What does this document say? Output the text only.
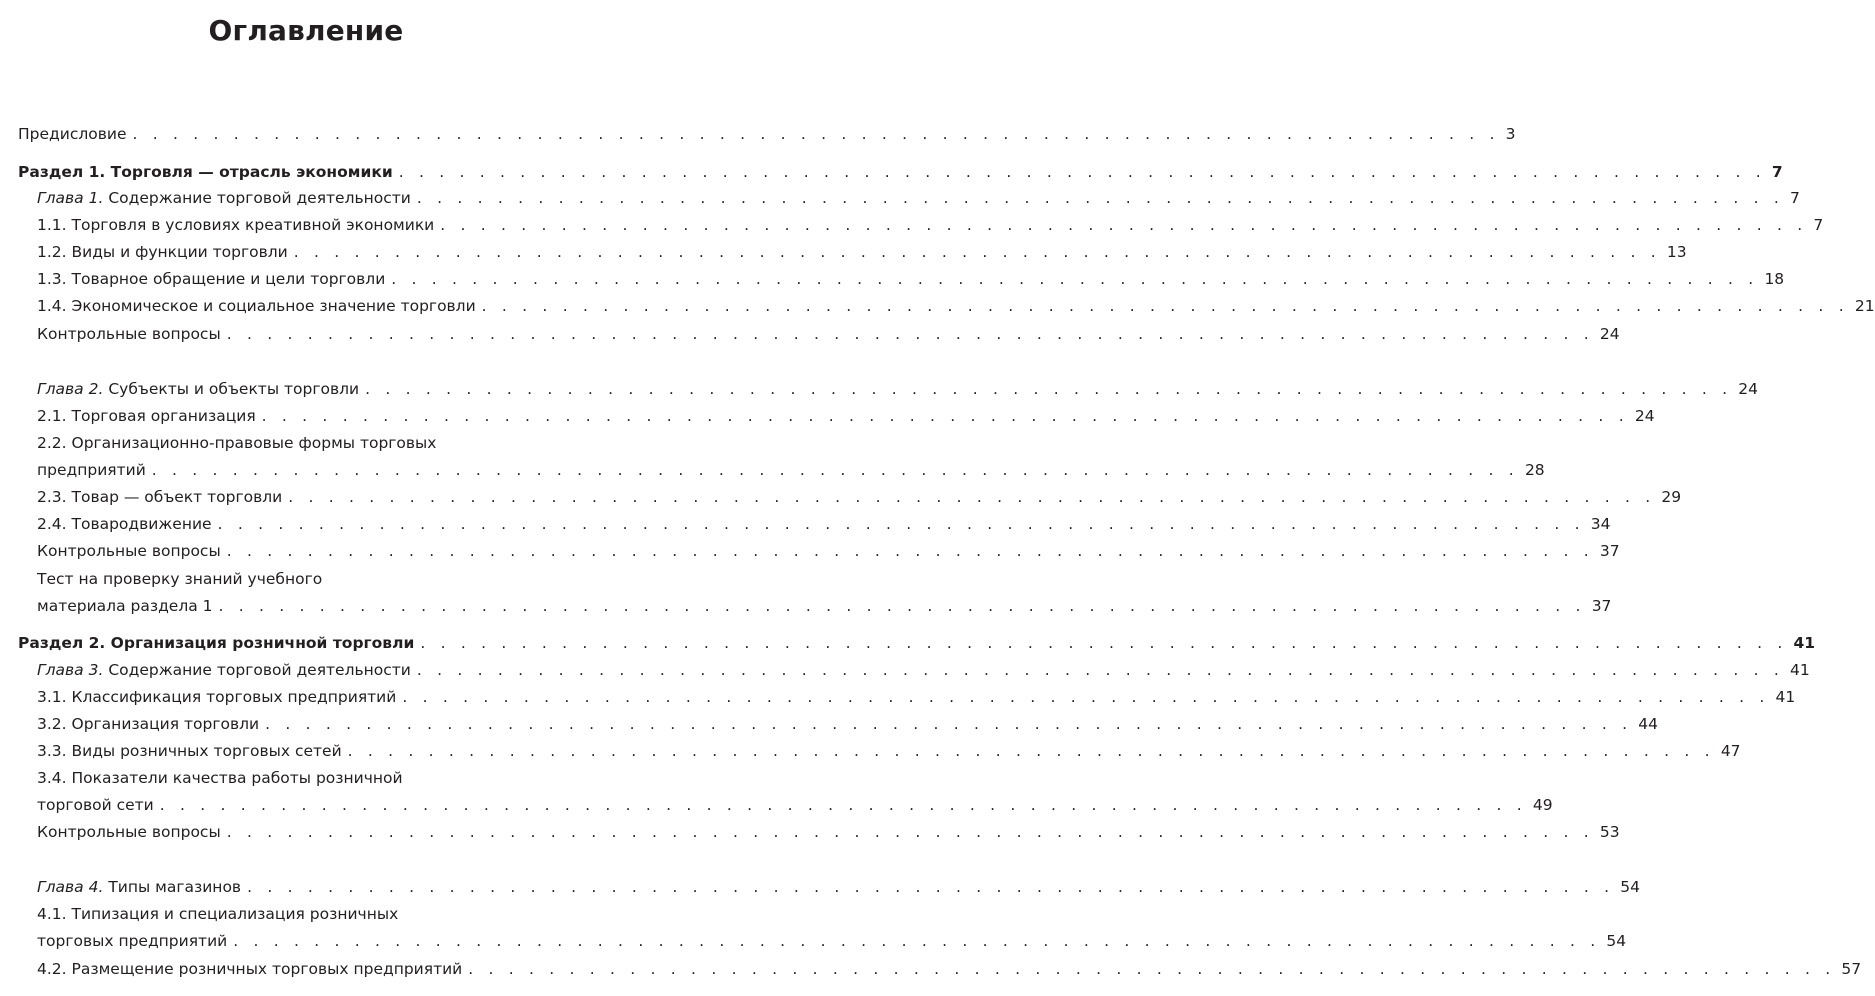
Оглавление
Предисловие . . . . . . . . . . . . . . . . . . . . . . . . . . . . . . . . . . . . . . . . . . . . . . . . . . . . . . . . . . . . . . . . . . . . 3
Раздел 1. Торговля — отрасль экономики . . . . . . . . . . . . . . . . . . . . . . . . . . . . . . . . . . . . . . . . . . . . . . . . . . . . . . . . . . . . . . . . . . . . 7
Глава 1. Содержание торговой деятельности . . . . . . . . . . . . . . . . . . . . . . . . . . . . . . . . . . . . . . . . . . . . . . . . . . . . . . . . . . . . . . . . . . . . 7
1.1. Торговля в условиях креативной экономики . . . . . . . . . . . . . . . . . . . . . . . . . . . . . . . . . . . . . . . . . . . . . . . . . . . . . . . . . . . . . . . . . . . . 7
1.2. Виды и функции торговли . . . . . . . . . . . . . . . . . . . . . . . . . . . . . . . . . . . . . . . . . . . . . . . . . . . . . . . . . . . . . . . . . . . . 13
1.3. Товарное обращение и цели торговли . . . . . . . . . . . . . . . . . . . . . . . . . . . . . . . . . . . . . . . . . . . . . . . . . . . . . . . . . . . . . . . . . . . . 18
1.4. Экономическое и социальное значение торговли . . . . . . . . . . . . . . . . . . . . . . . . . . . . . . . . . . . . . . . . . . . . . . . . . . . . . . . . . . . . . . . . . . . . 21
Контрольные вопросы . . . . . . . . . . . . . . . . . . . . . . . . . . . . . . . . . . . . . . . . . . . . . . . . . . . . . . . . . . . . . . . . . . . . 24
Глава 2. Субъекты и объекты торговли . . . . . . . . . . . . . . . . . . . . . . . . . . . . . . . . . . . . . . . . . . . . . . . . . . . . . . . . . . . . . . . . . . . . 24
2.1. Торговая организация . . . . . . . . . . . . . . . . . . . . . . . . . . . . . . . . . . . . . . . . . . . . . . . . . . . . . . . . . . . . . . . . . . . . 24
2.2. Организационно-правовые формы торговых
предприятий . . . . . . . . . . . . . . . . . . . . . . . . . . . . . . . . . . . . . . . . . . . . . . . . . . . . . . . . . . . . . . . . . . . . 28
2.3. Товар — объект торговли . . . . . . . . . . . . . . . . . . . . . . . . . . . . . . . . . . . . . . . . . . . . . . . . . . . . . . . . . . . . . . . . . . . . 29
2.4. Товародвижение . . . . . . . . . . . . . . . . . . . . . . . . . . . . . . . . . . . . . . . . . . . . . . . . . . . . . . . . . . . . . . . . . . . . 34
Контрольные вопросы . . . . . . . . . . . . . . . . . . . . . . . . . . . . . . . . . . . . . . . . . . . . . . . . . . . . . . . . . . . . . . . . . . . . 37
Тест на проверку знаний учебного
материала раздела 1 . . . . . . . . . . . . . . . . . . . . . . . . . . . . . . . . . . . . . . . . . . . . . . . . . . . . . . . . . . . . . . . . . . . . 37
Раздел 2. Организация розничной торговли . . . . . . . . . . . . . . . . . . . . . . . . . . . . . . . . . . . . . . . . . . . . . . . . . . . . . . . . . . . . . . . . . . . . 41
Глава 3. Содержание торговой деятельности . . . . . . . . . . . . . . . . . . . . . . . . . . . . . . . . . . . . . . . . . . . . . . . . . . . . . . . . . . . . . . . . . . . . 41
3.1. Классификация торговых предприятий . . . . . . . . . . . . . . . . . . . . . . . . . . . . . . . . . . . . . . . . . . . . . . . . . . . . . . . . . . . . . . . . . . . . 41
3.2. Организация торговли . . . . . . . . . . . . . . . . . . . . . . . . . . . . . . . . . . . . . . . . . . . . . . . . . . . . . . . . . . . . . . . . . . . . 44
3.3. Виды розничных торговых сетей . . . . . . . . . . . . . . . . . . . . . . . . . . . . . . . . . . . . . . . . . . . . . . . . . . . . . . . . . . . . . . . . . . . . 47
3.4. Показатели качества работы розничной
торговой сети . . . . . . . . . . . . . . . . . . . . . . . . . . . . . . . . . . . . . . . . . . . . . . . . . . . . . . . . . . . . . . . . . . . . 49
Контрольные вопросы . . . . . . . . . . . . . . . . . . . . . . . . . . . . . . . . . . . . . . . . . . . . . . . . . . . . . . . . . . . . . . . . . . . . 53
Глава 4. Типы магазинов . . . . . . . . . . . . . . . . . . . . . . . . . . . . . . . . . . . . . . . . . . . . . . . . . . . . . . . . . . . . . . . . . . . . 54
4.1. Типизация и специализация розничных
торговых предприятий . . . . . . . . . . . . . . . . . . . . . . . . . . . . . . . . . . . . . . . . . . . . . . . . . . . . . . . . . . . . . . . . . . . . 54
4.2. Размещение розничных торговых предприятий . . . . . . . . . . . . . . . . . . . . . . . . . . . . . . . . . . . . . . . . . . . . . . . . . . . . . . . . . . . . . . . . . . . . 57
